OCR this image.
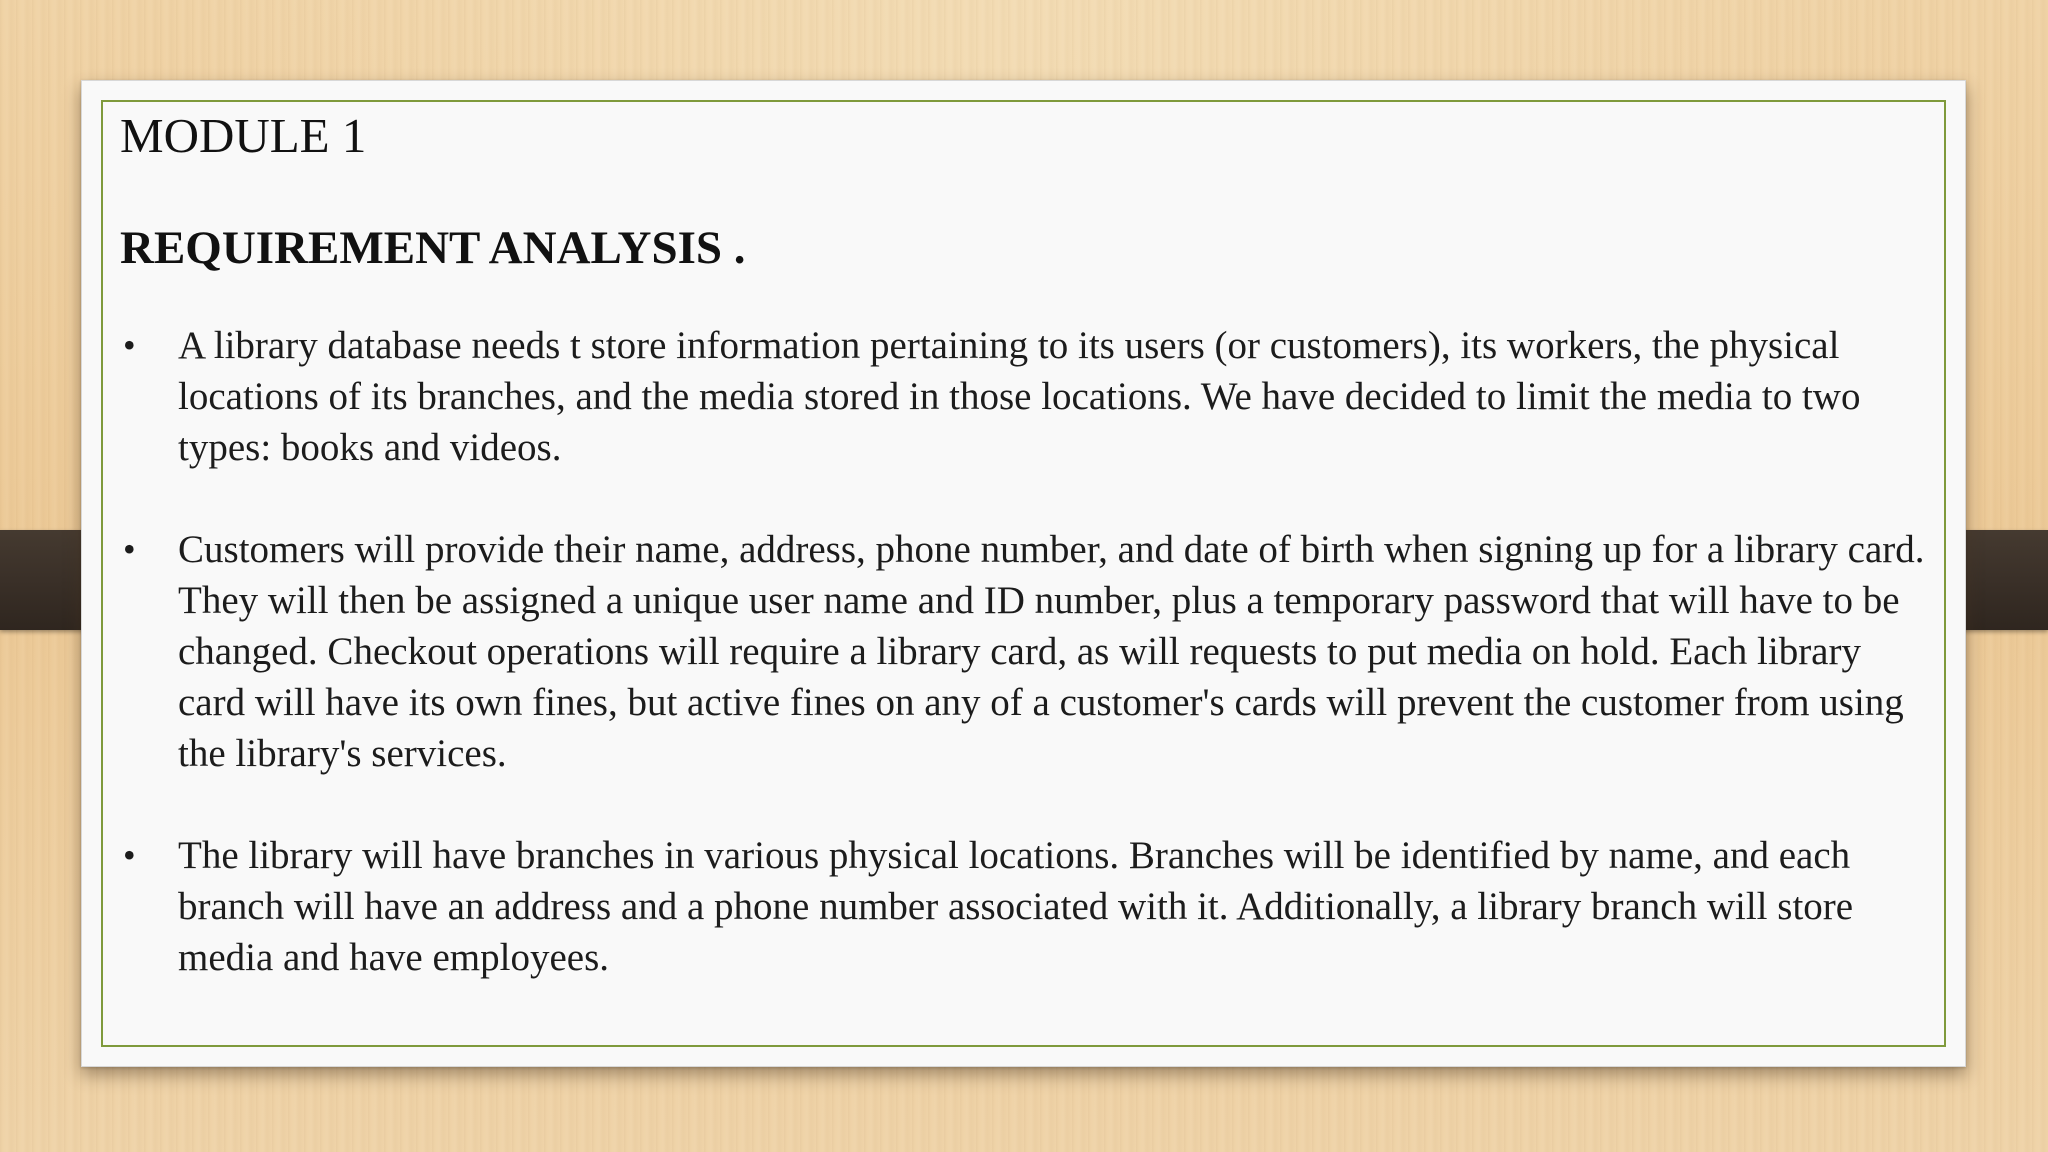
MODULE 1
REQUIREMENT ANALYSIS .
• A library database needs t store information pertaining to its users (or customers), its workers, the physical locations of its branches, and the media stored in those locations. We have decided to limit the media to two types: books and videos.
• Customers will provide their name, address, phone number, and date of birth when signing up for a library card. They will then be assigned a unique user name and ID number, plus a temporary password that will have to be changed. Checkout operations will require a library card, as will requests to put media on hold. Each library card will have its own fines, but active fines on any of a customer's cards will prevent the customer from using the library's services.
• The library will have branches in various physical locations. Branches will be identified by name, and each branch will have an address and a phone number associated with it. Additionally, a library branch will store media and have employees.
